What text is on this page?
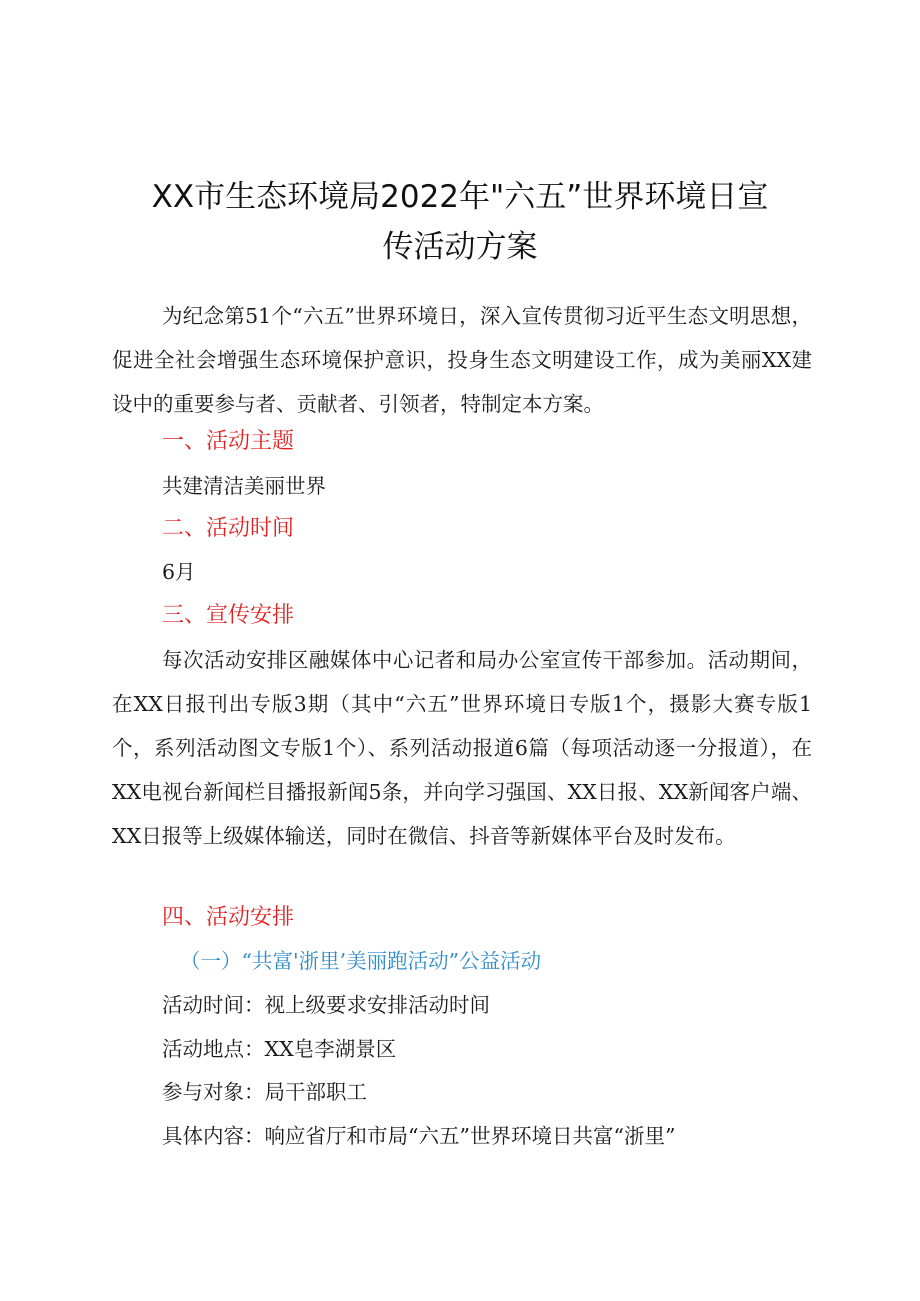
XX市生态环境局2022年"六五”世界环境日宣
传活动方案
为纪念第51个“六五”世界环境日，深入宣传贯彻习近平生态文明思想，促进全社会增强生态环境保护意识，投身生态文明建设工作，成为美丽XX建设中的重要参与者、贡献者、引领者，特制定本方案。
一、活动主题
共建清洁美丽世界
二、活动时间
6月
三、宣传安排
每次活动安排区融媒体中心记者和局办公室宣传干部参加。活动期间，在XX日报刊出专版3期（其中“六五”世界环境日专版1个，摄影大赛专版1个，系列活动图文专版1个）、系列活动报道6篇（每项活动逐一分报道），在XX电视台新闻栏目播报新闻5条，并向学习强国、XX日报、XX新闻客户端、XX日报等上级媒体输送，同时在微信、抖音等新媒体平台及时发布。
四、活动安排
（一）“共富'浙里’美丽跑活动”公益活动
活动时间：视上级要求安排活动时间
活动地点：XX皂李湖景区
参与对象：局干部职工
具体内容：响应省厅和市局“六五”世界环境日共富“浙里”
